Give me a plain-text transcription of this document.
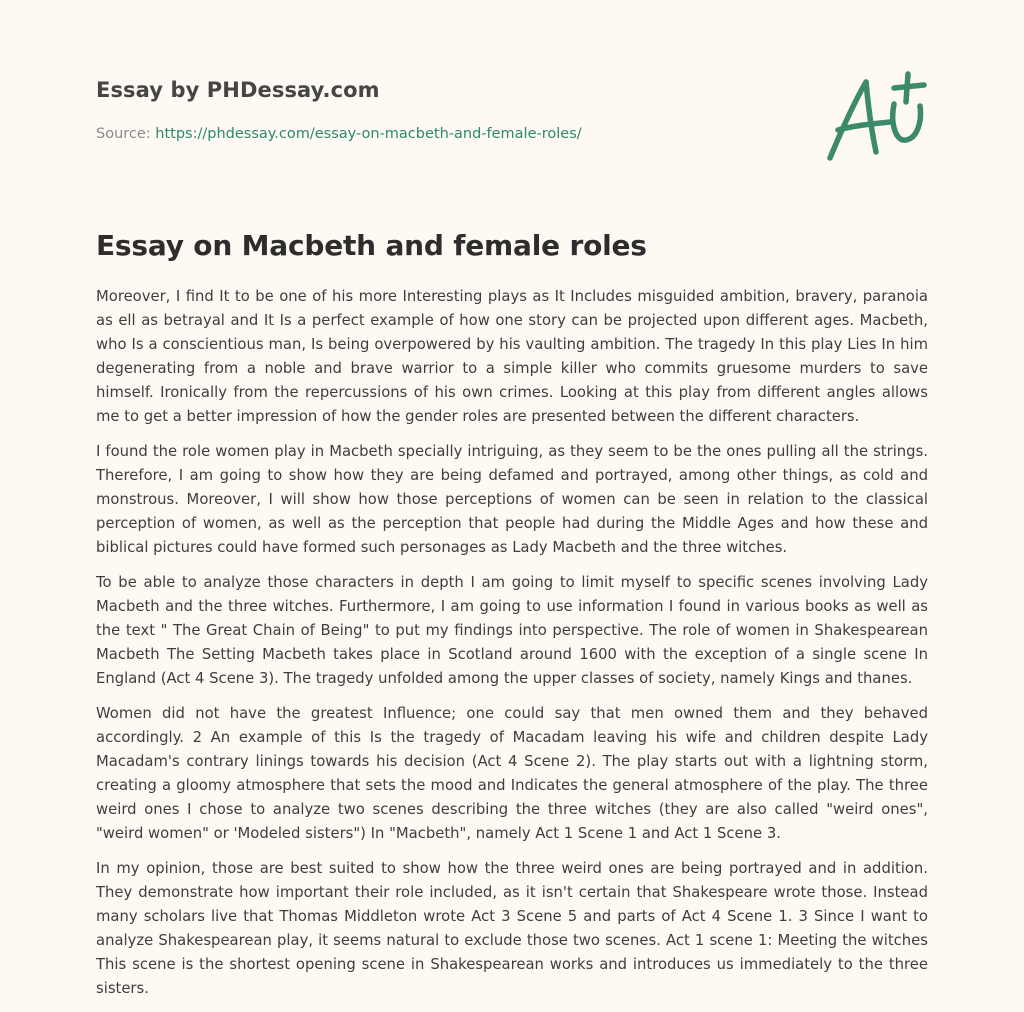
Essay by PHDessay.com
Source: https://phdessay.com/essay-on-macbeth-and-female-roles/
Essay on Macbeth and female roles

Moreover, I find It to be one of his more Interesting plays as It Includes misguided ambition, bravery, paranoia as ell as betrayal and It Is a perfect example of how one story can be projected upon different ages. Macbeth, who Is a conscientious man, Is being overpowered by his vaulting ambition. The tragedy In this play Lies In him degenerating from a noble and brave warrior to a simple killer who commits gruesome murders to save himself. Ironically from the repercussions of his own crimes. Looking at this play from different angles allows me to get a better impression of how the gender roles are presented between the different characters.

I found the role women play in Macbeth specially intriguing, as they seem to be the ones pulling all the strings. Therefore, I am going to show how they are being defamed and portrayed, among other things, as cold and monstrous. Moreover, I will show how those perceptions of women can be seen in relation to the classical perception of women, as well as the perception that people had during the Middle Ages and how these and biblical pictures could have formed such personages as Lady Macbeth and the three witches.

To be able to analyze those characters in depth I am going to limit myself to specific scenes involving Lady Macbeth and the three witches. Furthermore, I am going to use information I found in various books as well as the text " The Great Chain of Being" to put my findings into perspective. The role of women in Shakespearean Macbeth The Setting Macbeth takes place in Scotland around 1600 with the exception of a single scene In England (Act 4 Scene 3). The tragedy unfolded among the upper classes of society, namely Kings and thanes.

Women did not have the greatest Influence; one could say that men owned them and they behaved accordingly. 2 An example of this Is the tragedy of Macadam leaving his wife and children despite Lady Macadam's contrary linings towards his decision (Act 4 Scene 2). The play starts out with a lightning storm, creating a gloomy atmosphere that sets the mood and Indicates the general atmosphere of the play. The three weird ones I chose to analyze two scenes describing the three witches (they are also called "weird ones", "weird women" or 'Modeled sisters") In "Macbeth", namely Act 1 Scene 1 and Act 1 Scene 3.

In my opinion, those are best suited to show how the three weird ones are being portrayed and in addition. They demonstrate how important their role included, as it isn't certain that Shakespeare wrote those. Instead many scholars live that Thomas Middleton wrote Act 3 Scene 5 and parts of Act 4 Scene 1. 3 Since I want to analyze Shakespearean play, it seems natural to exclude those two scenes. Act 1 scene 1: Meeting the witches This scene is the shortest opening scene in Shakespearean works and introduces us immediately to the three sisters.
